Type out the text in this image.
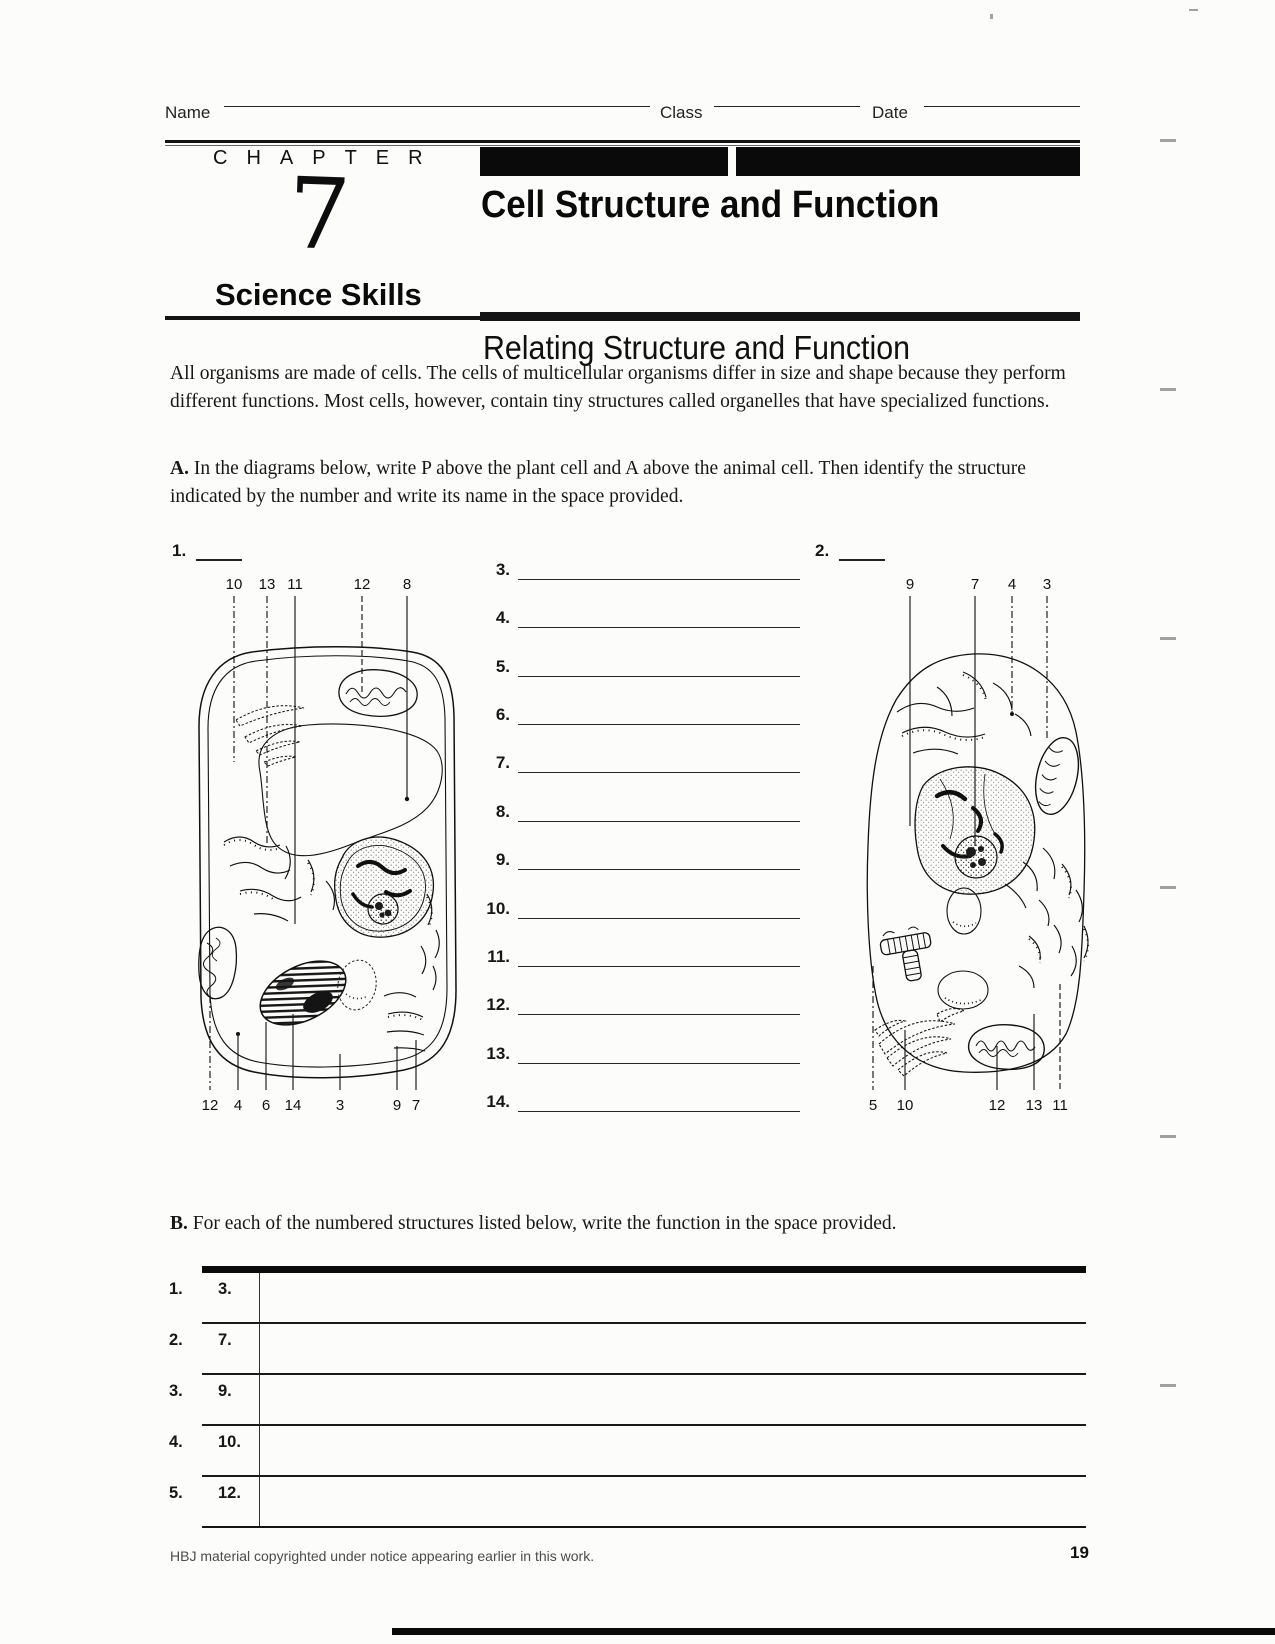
Name	Class	Date
CHAPTER
7	Cell Structure and Function
Science Skills
Relating Structure and Function

All organisms are made of cells. The cells of multicellular organisms differ in size and shape because they perform different functions. Most cells, however, contain tiny structures called organelles that have specialized functions.

A. In the diagrams below, write P above the plant cell and A above the animal cell. Then identify the structure indicated by the number and write its name in the space provided.

1.	2.
3.
4.
5.
6.
7.
8.
9.
10.
11.
12.
13.
14.
10 13 11	12 8
12 4 6 14 3	9 7
9	7 4 3
5 10	12 13 11

B. For each of the numbered structures listed below, write the function in the space provided.

1.	3.
2.	7.
3.	9.
4.	10.
5.	12.
HBJ material copyrighted under notice appearing earlier in this work.	19
